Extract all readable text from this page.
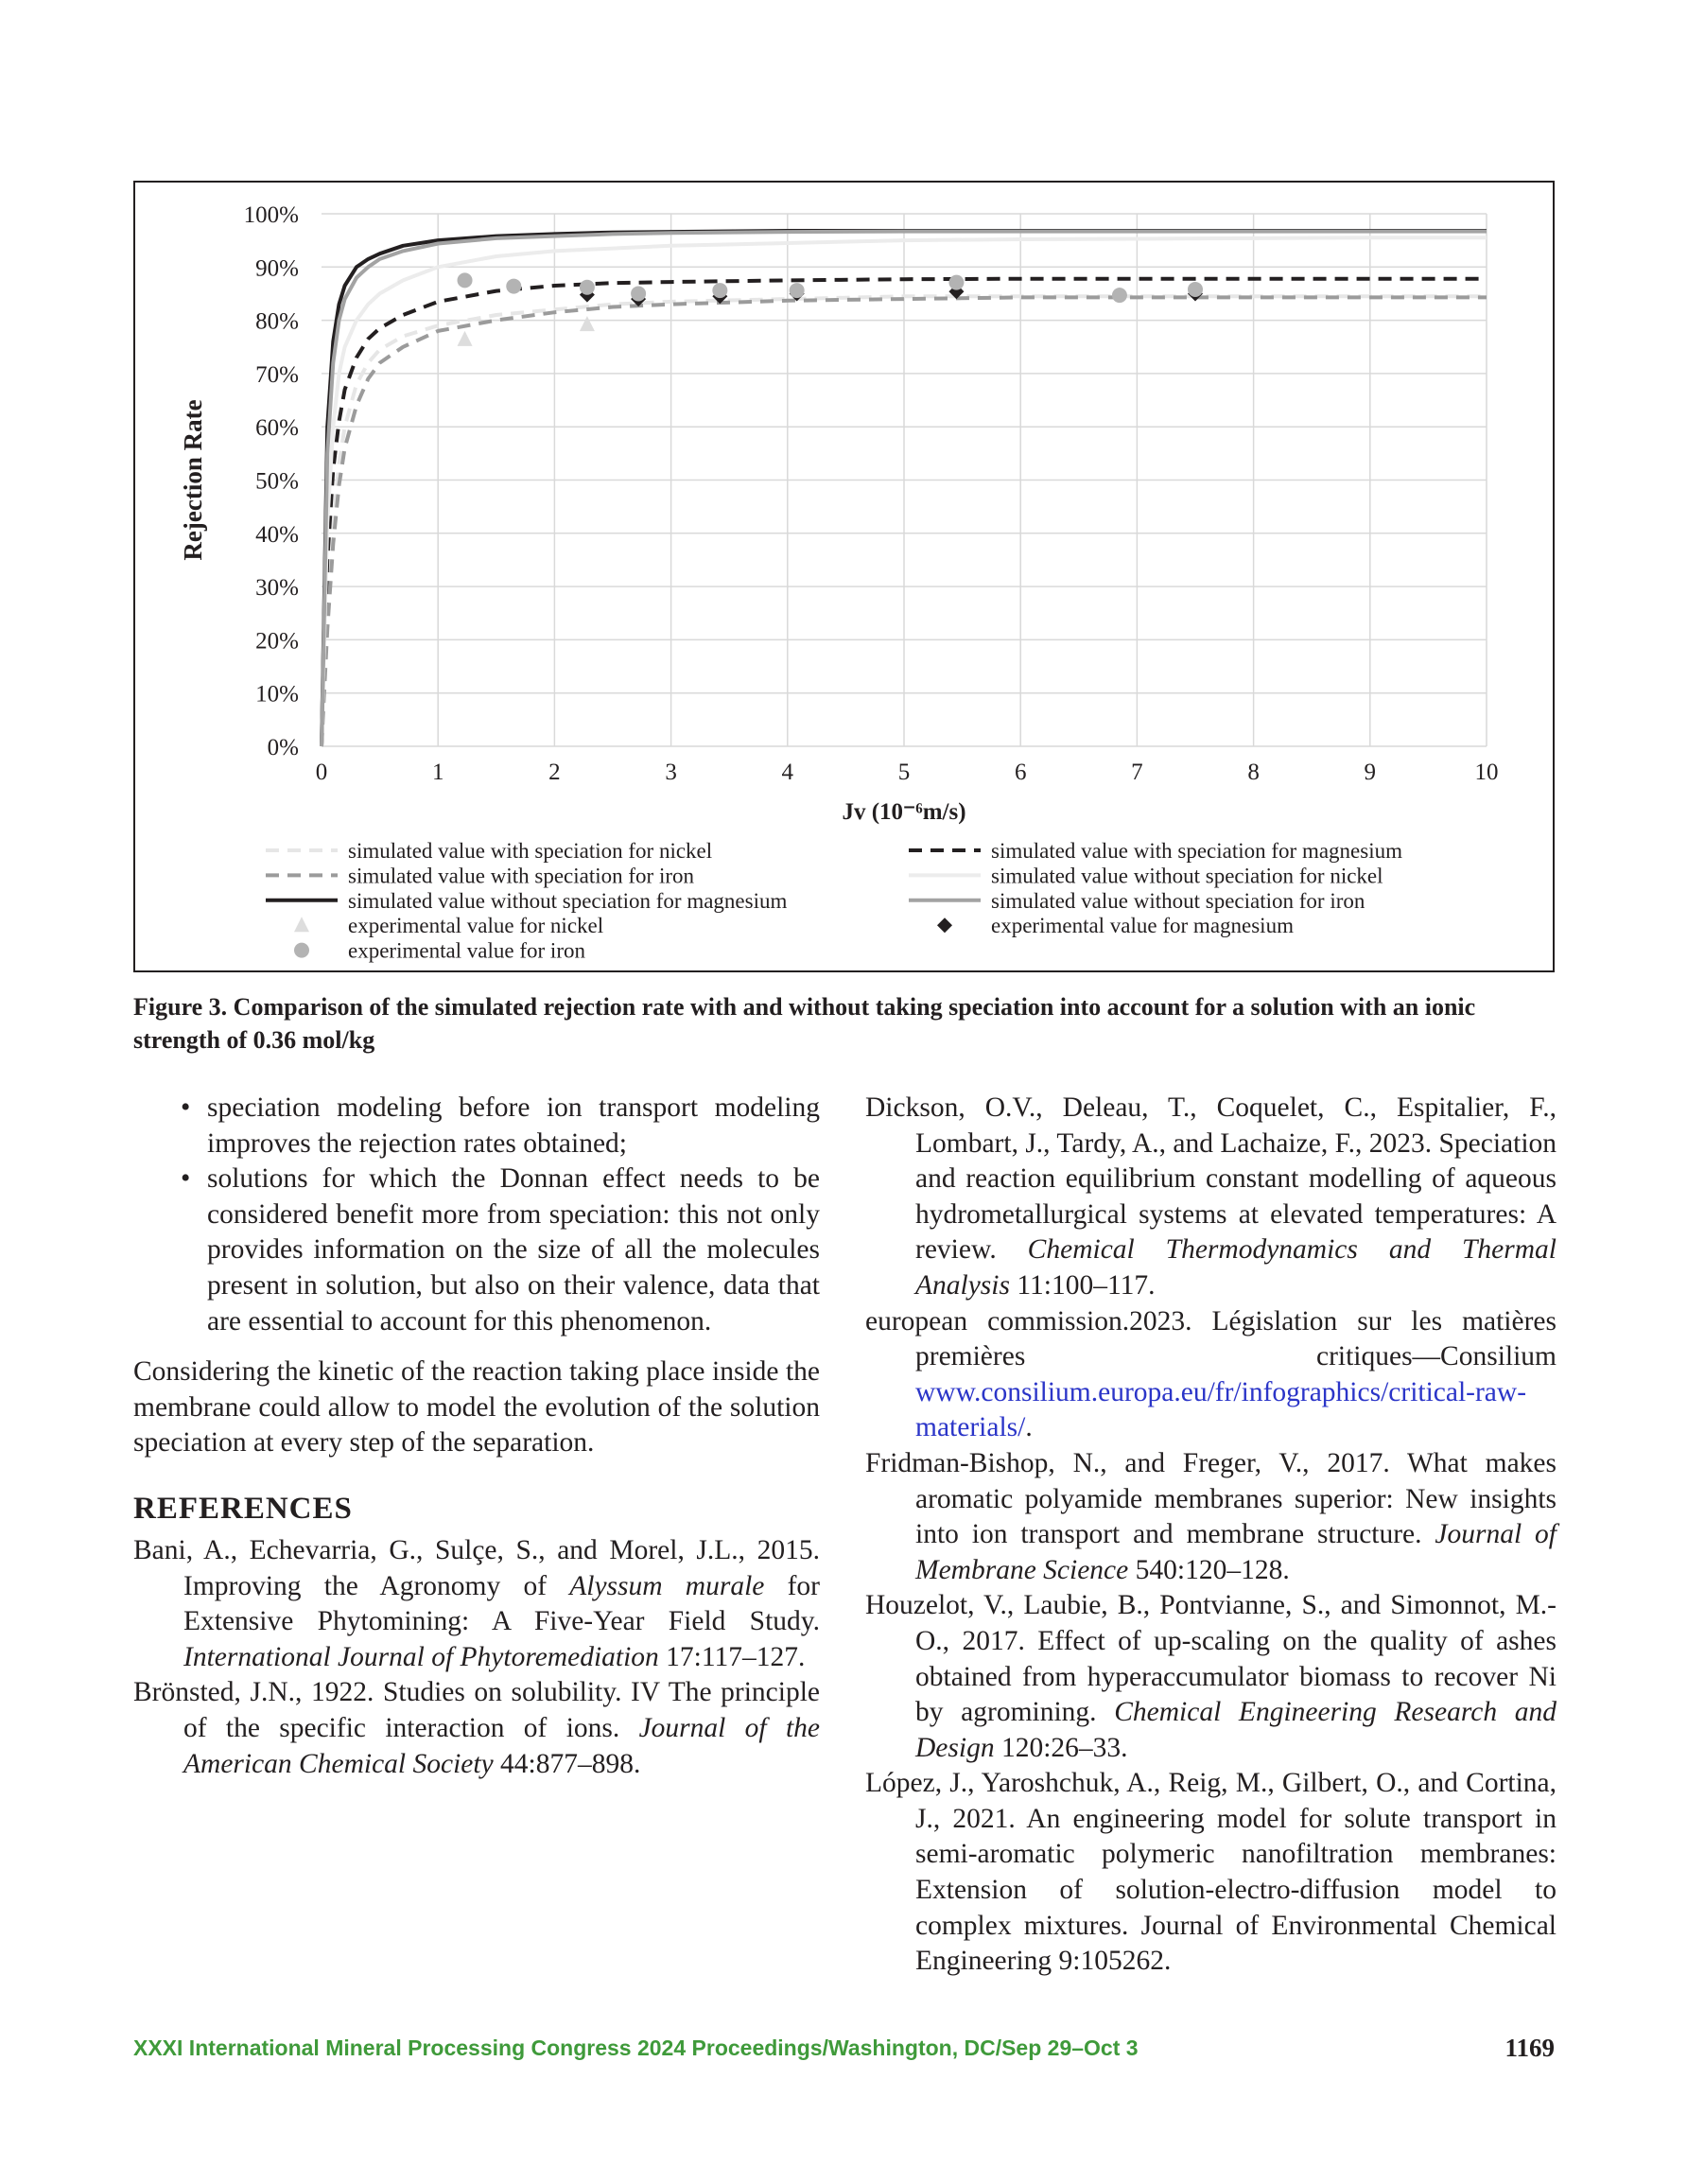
0%
10%
20%
30%
40%
50%
60%
70%
80%
90%
100%
0	1	2	3	4	5	6	7	8	9	10
Jv (10⁻⁶m/s)
Rejection Rate
simulated value with speciation for nickel
simulated value with speciation for iron
simulated value without speciation for magnesium
experimental value for nickel
experimental value for iron
simulated value with speciation for magnesium
simulated value without speciation for nickel
simulated value without speciation for iron
experimental value for magnesium
Figure 3. Comparison of the simulated rejection rate with and without taking speciation into account for a solution with an ionic strength of 0.36 mol/kg
• speciation modeling before ion transport modeling improves the rejection rates obtained;
• solutions for which the Donnan effect needs to be considered benefit more from speciation: this not only provides information on the size of all the molecules present in solution, but also on their valence, data that are essential to account for this phenomenon.

Considering the kinetic of the reaction taking place inside the membrane could allow to model the evolution of the solution speciation at every step of the separation.

REFERENCES
Bani, A., Echevarria, G., Sulçe, S., and Morel, J.L., 2015. Improving the Agronomy of Alyssum murale for Extensive Phytomining: A Five-Year Field Study. International Journal of Phytoremediation 17:117–127.
Brönsted, J.N., 1922. Studies on solubility. IV The principle of the specific interaction of ions. Journal of the American Chemical Society 44:877–898.
Dickson, O.V., Deleau, T., Coquelet, C., Espitalier, F., Lombart, J., Tardy, A., and Lachaize, F., 2023. Speciation and reaction equilibrium constant modelling of aqueous hydrometallurgical systems at elevated temperatures: A review. Chemical Thermodynamics and Thermal Analysis 11:100–117.
european commission.2023. Législation sur les matières premières critiques—Consilium www.consilium.europa.eu/fr/infographics/critical-raw-materials/.
Fridman-Bishop, N., and Freger, V., 2017. What makes aromatic polyamide membranes superior: New insights into ion transport and membrane structure. Journal of Membrane Science 540:120–128.
Houzelot, V., Laubie, B., Pontvianne, S., and Simonnot, M.-O., 2017. Effect of up-scaling on the quality of ashes obtained from hyperaccumulator biomass to recover Ni by agromining. Chemical Engineering Research and Design 120:26–33.
López, J., Yaroshchuk, A., Reig, M., Gilbert, O., and Cortina, J., 2021. An engineering model for solute transport in semi-aromatic polymeric nanofiltration membranes: Extension of solution-electro-diffusion model to complex mixtures. Journal of Environmental Chemical Engineering 9:105262.
XXXI International Mineral Processing Congress 2024 Proceedings/Washington, DC/Sep 29–Oct 3	1169
